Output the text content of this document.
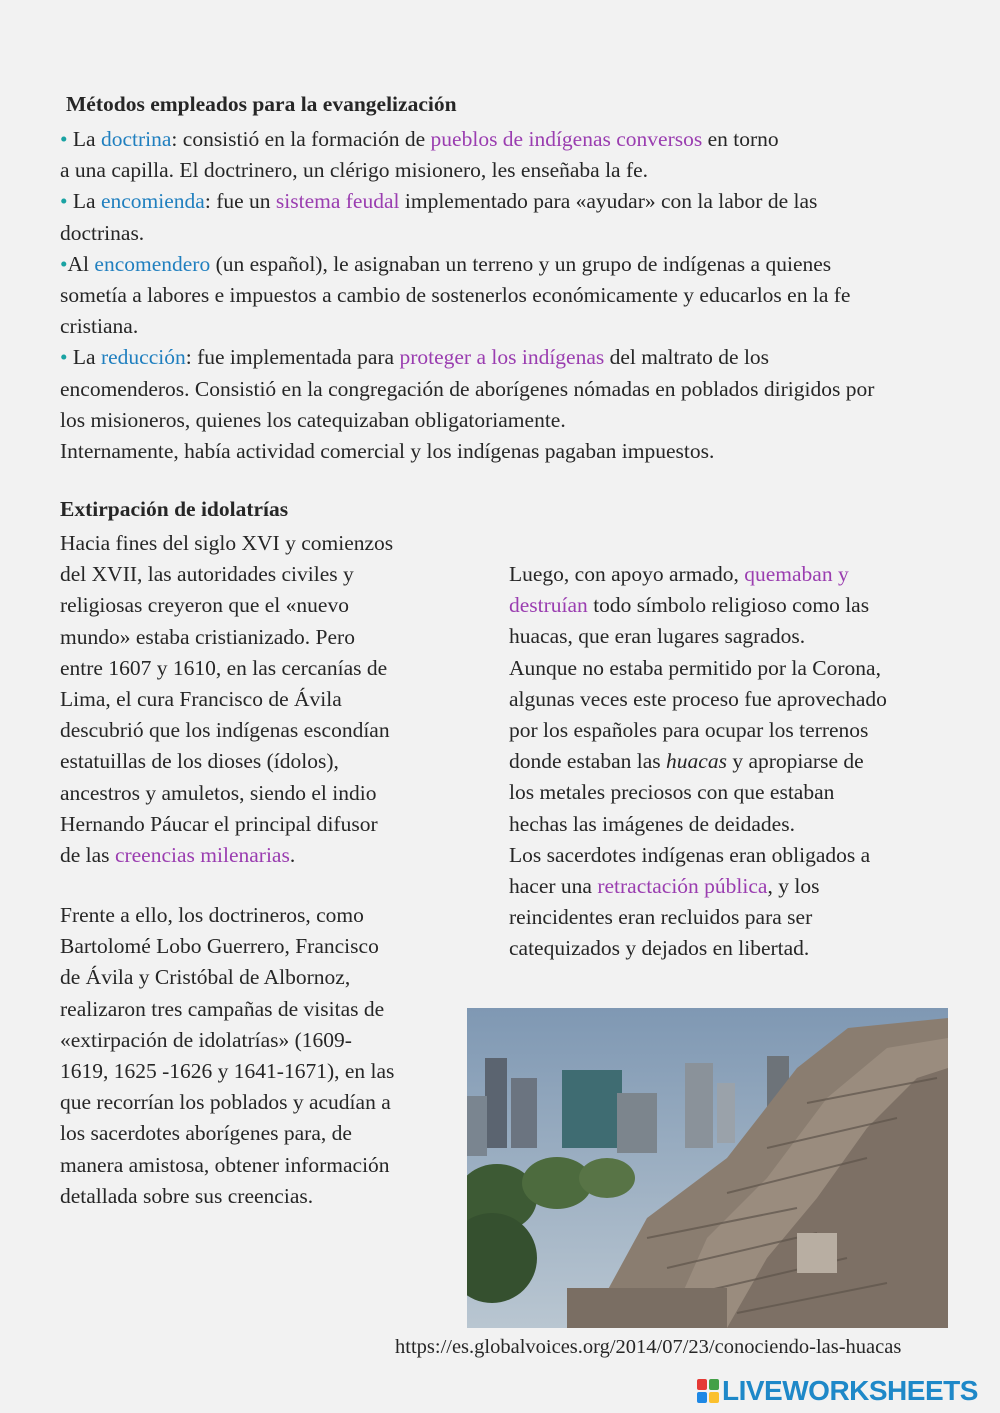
Métodos empleados para la evangelización

• La doctrina: consistió en la formación de pueblos de indígenas conversos en torno

a una capilla. El doctrinero, un clérigo misionero, les enseñaba la fe.

• La encomienda: fue un sistema feudal implementado para «ayudar» con la labor de las

doctrinas.

•Al encomendero (un español), le asignaban un terreno y un grupo de indígenas a quienes

sometía a labores e impuestos a cambio de sostenerlos económicamente y educarlos en la fe

cristiana.

• La reducción: fue implementada para proteger a los indígenas del maltrato de los

encomenderos. Consistió en la congregación de aborígenes nómadas en poblados dirigidos por

los misioneros, quienes los catequizaban obligatoriamente.

Internamente, había actividad comercial y los indígenas pagaban impuestos.

Extirpación de idolatrías

Hacia fines del siglo XVI y comienzos

del XVII, las autoridades civiles y

religiosas creyeron que el «nuevo

mundo» estaba cristianizado. Pero

entre 1607 y 1610, en las cercanías de

Lima, el cura Francisco de Ávila

descubrió que los indígenas escondían

estatuillas de los dioses (ídolos),

ancestros y amuletos, siendo el indio

Hernando Páucar el principal difusor

de las creencias milenarias.

Frente a ello, los doctrineros, como

Bartolomé Lobo Guerrero, Francisco

de Ávila y Cristóbal de Albornoz,

realizaron tres campañas de visitas de

«extirpación de idolatrías» (1609-

1619, 1625 -1626 y 1641-1671), en las

que recorrían los poblados y acudían a

los sacerdotes aborígenes para, de

manera amistosa, obtener información

detallada sobre sus creencias.

Luego, con apoyo armado, quemaban y

destruían todo símbolo religioso como las

huacas, que eran lugares sagrados.

Aunque no estaba permitido por la Corona,

algunas veces este proceso fue aprovechado

por los españoles para ocupar los terrenos

donde estaban las huacas y apropiarse de

los metales preciosos con que estaban

hechas las imágenes de deidades.

Los sacerdotes indígenas eran obligados a

hacer una retractación pública, y los

reincidentes eran recluidos para ser

catequizados y dejados en libertad.

https://es.globalvoices.org/2014/07/23/conociendo-las-huacas
LIVEWORKSHEETS
